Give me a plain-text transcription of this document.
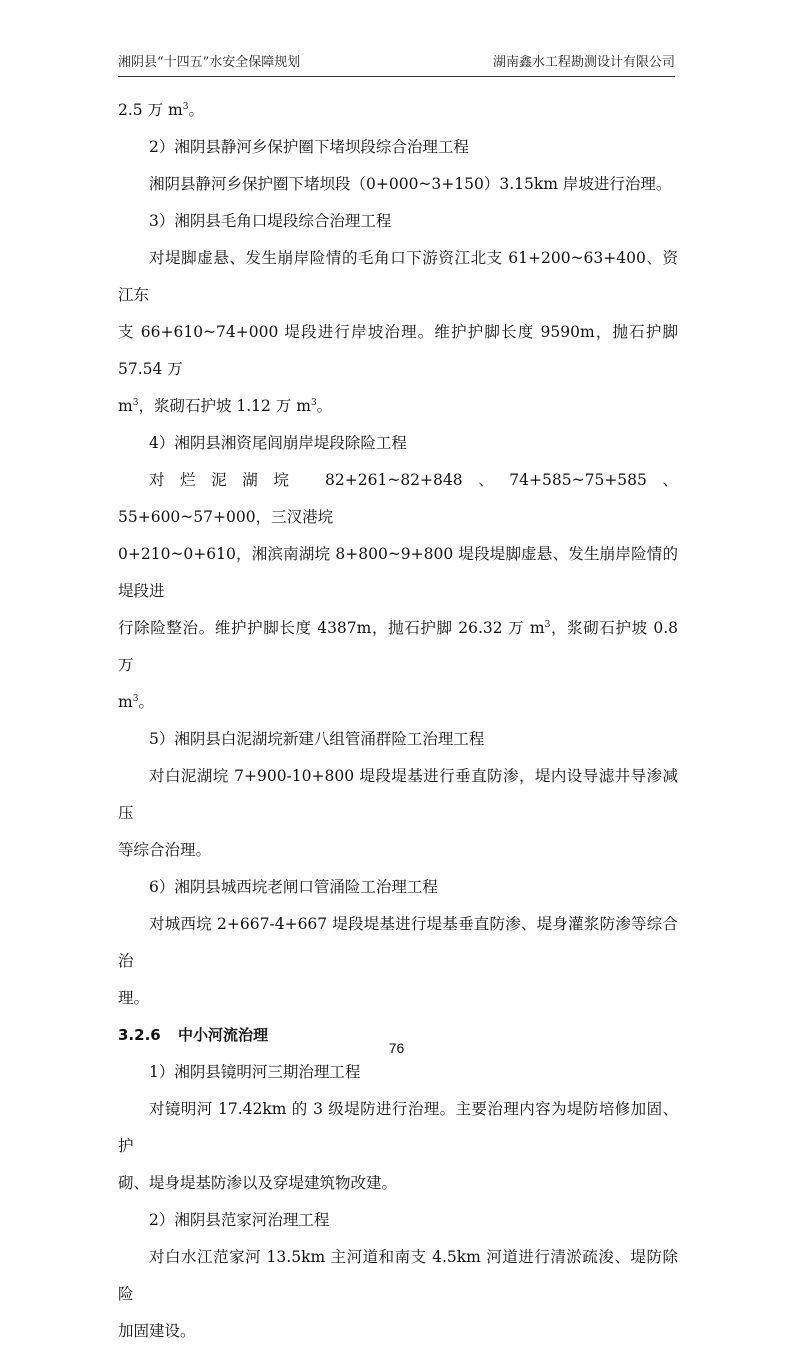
湘阴县“十四五”水安全保障规划	湖南鑫水工程勘测设计有限公司

2.5 万 $m^3$。

2）湘阴县静河乡保护圈下堵坝段综合治理工程

湘阴县静河乡保护圈下堵坝段（0+000~3+150）3.15km 岸坡进行治理。

3）湘阴县毛角口堤段综合治理工程

对堤脚虚悬、发生崩岸险情的毛角口下游资江北支 61+200~63+400、资江东

支 66+610~74+000 堤段进行岸坡治理。维护护脚长度 9590m，抛石护脚 57.54 万

$m^3$，浆砌石护坡 1.12 万 $m^3$。

4）湘阴县湘资尾闾崩岸堤段除险工程

对烂泥湖垸 82+261~82+848、74+585~75+585、55+600~57+000，三汊港垸

0+210~0+610，湘滨南湖垸 8+800~9+800 堤段堤脚虚悬、发生崩岸险情的堤段进

行除险整治。维护护脚长度 4387m，抛石护脚 26.32 万 $m^3$，浆砌石护坡 0.8 万

$m^3$。

5）湘阴县白泥湖垸新建八组管涌群险工治理工程

对白泥湖垸 7+900-10+800 堤段堤基进行垂直防渗，堤内设导滤井导渗减压

等综合治理。

6）湘阴县城西垸老闸口管涌险工治理工程

对城西垸 2+667-4+667 堤段堤基进行堤基垂直防渗、堤身灌浆防渗等综合治

理。

3.2.6 中小河流治理

1）湘阴县镜明河三期治理工程

对镜明河 17.42km 的 3 级堤防进行治理。主要治理内容为堤防培修加固、护

砌、堤身堤基防渗以及穿堤建筑物改建。

2）湘阴县范家河治理工程

对白水江范家河 13.5km 主河道和南支 4.5km 河道进行清淤疏浚、堤防除险

加固建设。

76
